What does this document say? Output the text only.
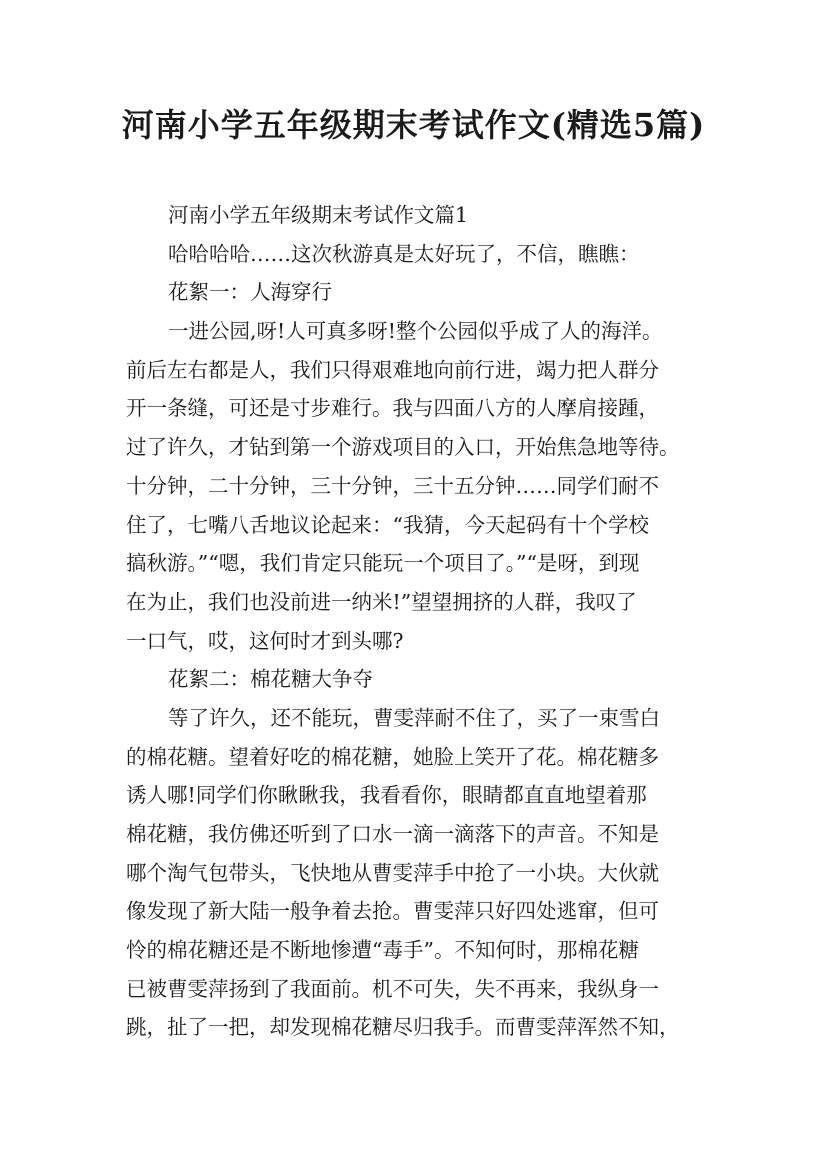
河南小学五年级期末考试作文(精选5篇)
河南小学五年级期末考试作文篇1
哈哈哈哈……这次秋游真是太好玩了，不信，瞧瞧：
花絮一：人海穿行
一进公园,呀!人可真多呀!整个公园似乎成了人的海洋。
前后左右都是人，我们只得艰难地向前行进，竭力把人群分
开一条缝，可还是寸步难行。我与四面八方的人摩肩接踵，
过了许久，才钻到第一个游戏项目的入口，开始焦急地等待。
十分钟，二十分钟，三十分钟，三十五分钟……同学们耐不
住了，七嘴八舌地议论起来：“我猜，今天起码有十个学校
搞秋游。”“嗯，我们肯定只能玩一个项目了。”“是呀，到现
在为止，我们也没前进一纳米!”望望拥挤的人群，我叹了
一口气，哎，这何时才到头哪?
花絮二：棉花糖大争夺
等了许久，还不能玩，曹雯萍耐不住了，买了一束雪白
的棉花糖。望着好吃的棉花糖，她脸上笑开了花。棉花糖多
诱人哪!同学们你瞅瞅我，我看看你，眼睛都直直地望着那
棉花糖，我仿佛还听到了口水一滴一滴落下的声音。不知是
哪个淘气包带头，飞快地从曹雯萍手中抢了一小块。大伙就
像发现了新大陆一般争着去抢。曹雯萍只好四处逃窜，但可
怜的棉花糖还是不断地惨遭“毒手”。不知何时，那棉花糖
已被曹雯萍扬到了我面前。机不可失，失不再来，我纵身一
跳，扯了一把，却发现棉花糖尽归我手。而曹雯萍浑然不知，
